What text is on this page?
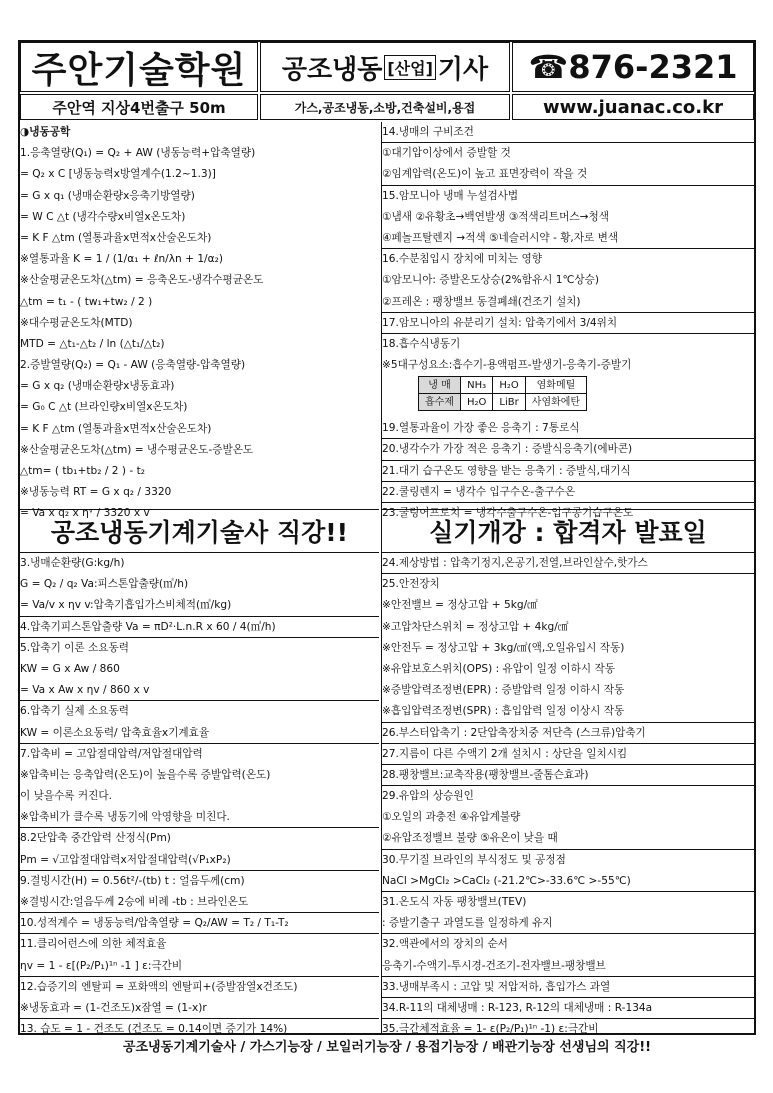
주안기술학원	공조냉동 [산업] 기사	☎876-2321
주안역 지상4번출구 50m	가스,공조냉동,소방,건축설비,용접	www.juanac.co.kr
◑냉동공학
1.응축열량(Q₁) = Q₂ + AW (냉동능력+압축열량)
= Q₂ x C [냉동능력x방열계수(1.2~1.3)]
= G x q₁ (냉매순환량x응축기방열량)
= W C △t (냉각수량x비열x온도차)
= K F △tm (열통과율x면적x산술온도차)
※열통과율 K = 1 / (1/α₁ + ℓn/λn + 1/α₂)
※산술평균온도차(△tm) = 응축온도-냉각수평균온도
△tm = t₁ - ( tw₁+tw₂ / 2 )
※대수평균온도차(MTD)
MTD = △t₁-△t₂ / ln (△t₁/△t₂)
2.증발열량(Q₂) = Q₁ - AW (응축열량-압축열량)
= G x q₂ (냉매순환량x냉동효과)
= G₀ C △t (브라인량x비열x온도차)
= K F △tm (열통과율x면적x산술온도차)
※산술평균온도차(△tm) = 냉수평균온도-증발온도
△tm= ( tb₁+tb₂ / 2 ) - t₂
※냉동능력 RT = G x q₂ / 3320
= Va x q₂ x ηᵛ / 3320 x v
14.냉매의 구비조건
①대기압이상에서 증발할 것
②임계압력(온도)이 높고 표면장력이 작을 것
15.암모니아 냉매 누설검사법
①냄새 ②유황초→백연발생 ③적색리트머스→청색
④페놀프탈렌지 →적색 ⑤네슬러시약 - 황,자로 변색
16.수분침입시 장치에 미치는 영향
①암모니아: 증발온도상승(2%함유시 1℃상승)
②프레온 : 팽창밸브 동결폐쇄(건조기 설치)
17.암모니아의 유분리기 설치: 압축기에서 3/4위치
18.흡수식냉동기
※5대구성요소:흡수기-용액펌프-발생기-응축기-증발기
냉 매	NH₃	H₂O	염화메틸
흡수제	H₂O	LiBr	사염화에탄
19.열통과율이 가장 좋은 응축기 : 7통로식
20.냉각수가 가장 적은 응축기 : 증발식응축기(에바콘)
21.대기 습구온도 영향을 받는 응축기 : 증발식,대기식
22.쿨링렌지 = 냉각수 입구수온-출구수온
23.쿨링어프로치 = 냉각수출구수온-입구공기습구온도
공조냉동기계기술사 직강!!	실기개강 : 합격자 발표일
3.냉매순환량(G:kg/h)
G = Q₂ / q₂ Va:피스톤압출량(㎥/h)
= Va/v x ηv v:압축기흡입가스비체적(㎥/kg)
4.압축기피스톤압출량 Va = πD²·L.n.R x 60 / 4(㎥/h)
5.압축기 이론 소요동력
KW = G x Aw / 860
= Va x Aw x ηv / 860 x v
6.압축기 실제 소요동력
KW = 이론소요동력/ 압축효율x기계효율
7.압축비 = 고압절대압력/저압절대압력
※압축비는 응축압력(온도)이 높을수록 증발압력(온도)
이 낮을수록 커진다.
※압축비가 클수록 냉동기에 악영향을 미친다.
8.2단압축 중간압력 산정식(Pm)
Pm = √고압절대압력x저압절대압력(√P₁xP₂)
9.결빙시간(H) = 0.56t²/-(tb) t : 얼음두께(cm)
※결빙시간:얼음두께 2승에 비례 -tb : 브라인온도
10.성적계수 = 냉동능력/압축열량 = Q₂/AW = T₂ / T₁-T₂
11.클리어런스에 의한 체적효율
ηv = 1 - ε[(P₂/P₁)¹ⁿ -1 ] ε:극간비
12.습증기의 엔탈피 = 포화액의 엔탈피+(증발잠열x건조도)
※냉동효과 = (1-건조도)x잠열 = (1-x)r
13. 습도 = 1 - 건조도 (건조도 = 0.14이면 증기가 14%)
24.제상방법 : 압축기정지,온공기,전열,브라인살수,핫가스
25.안전장치
※안전밸브 = 정상고압 + 5kg/㎠
※고압차단스위치 = 정상고압 + 4kg/㎠
※안전두 = 정상고압 + 3kg/㎠(액,오일유입시 작동)
※유압보호스위치(OPS) : 유압이 일정 이하시 작동
※증발압력조정변(EPR) : 증발압력 일정 이하시 작동
※흡입압력조정변(SPR) : 흡입압력 일정 이상시 작동
26.부스터압축기 : 2단압축장치중 저단측 (스크류)압축기
27.지름이 다른 수액기 2개 설치시 : 상단을 일치시킴
28.팽창밸브:교축작용(팽창밸브-줄톰슨효과)
29.유압의 상승원인
①오일의 과충전 ④유압계불량
②유압조정밸브 불량 ⑤유온이 낮을 때
30.무기질 브라인의 부식정도 및 공정점
NaCl >MgCl₂ >CaCl₂ (-21.2℃>-33.6℃ >-55℃)
31.온도식 자동 팽창밸브(TEV)
: 증발기출구 과열도를 일정하게 유지
32.액관에서의 장치의 순서
응축기-수액기-투시경-건조기-전자밸브-팽창밸브
33.냉매부족시 : 고압 및 저압저하, 흡입가스 과열
34.R-11의 대체냉매 : R-123, R-12의 대체냉매 : R-134a
35.극간체적효율 = 1- ε(P₂/P₁)¹ⁿ -1) ε:극간비
공조냉동기계기술사 / 가스기능장 / 보일러기능장 / 용접기능장 / 배관기능장 선생님의 직강!!
